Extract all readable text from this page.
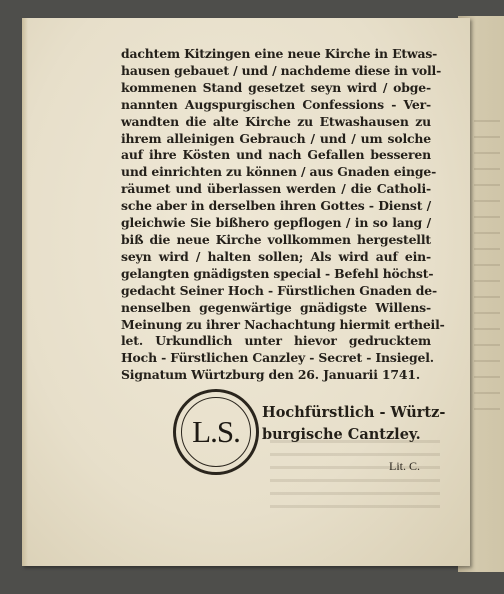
dachtem Kitzingen eine neue Kirche in Etwas-
hausen gebauet / und / nachdeme diese in voll-
kommenen Stand gesetzet seyn wird / obge-
nannten Augspurgischen Confessions - Ver-
wandten die alte Kirche zu Etwashausen zu
ihrem alleinigen Gebrauch / und / um solche
auf ihre Kösten und nach Gefallen besseren
und einrichten zu können / aus Gnaden einge-
räumet und überlassen werden / die Catholi-
sche aber in derselben ihren Gottes - Dienst /
gleichwie Sie bißhero gepflogen / in so lang /
biß die neue Kirche vollkommen hergestellt
seyn wird / halten sollen; Als wird auf ein-
gelangten gnädigsten special - Befehl höchst-
gedacht Seiner Hoch - Fürstlichen Gnaden de-
nenselben gegenwärtige gnädigste Willens-
Meinung zu ihrer Nachachtung hiermit ertheil-
let. Urkundlich unter hievor gedrucktem
Hoch - Fürstlichen Canzley - Secret - Insiegel.
Signatum Würtzburg den 26. Januarii 1741.
L.S.
Hochfürstlich - Würtz-
burgische Cantzley.
Lit. C.
